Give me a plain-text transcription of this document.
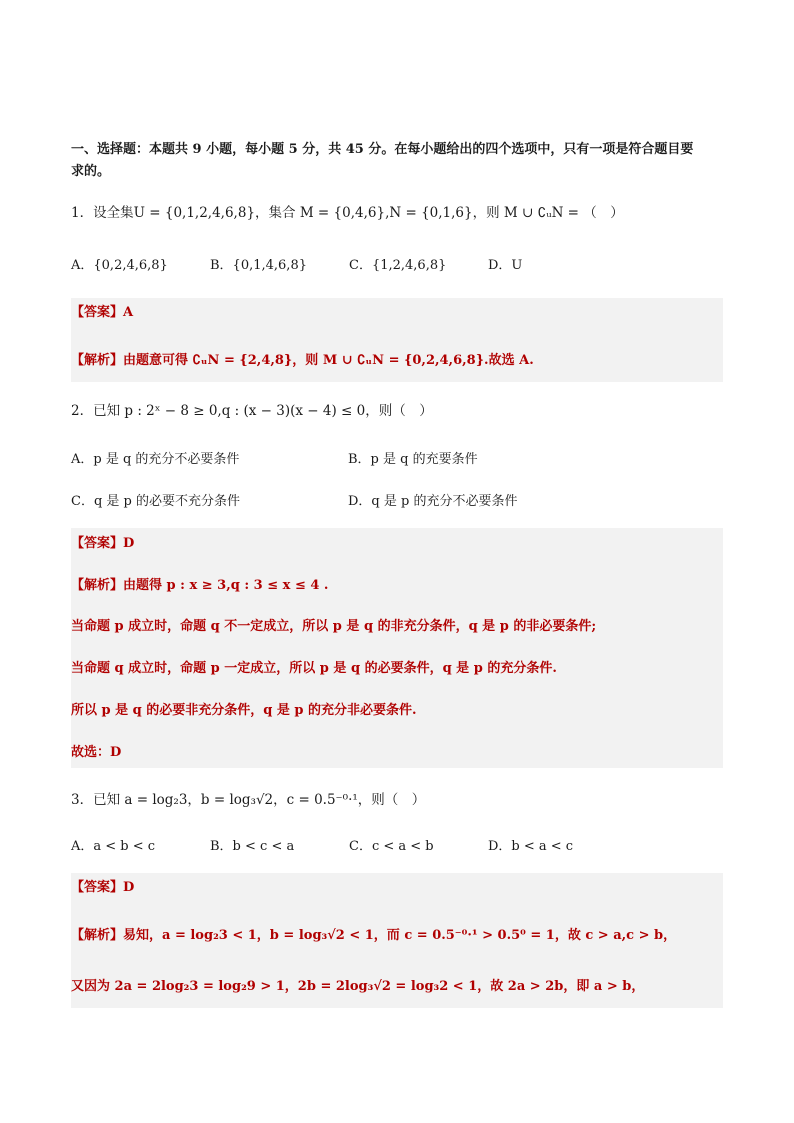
一、选择题：本题共 9 小题，每小题 5 分，共 45 分。在每小题给出的四个选项中，只有一项是符合题目要
求的。
1．设全集U = {0,1,2,4,6,8}，集合 M = {0,4,6},N = {0,1,6}，则 M ∪ ∁ᵤN = （　）
A．{0,2,4,6,8}	B．{0,1,4,6,8}	C．{1,2,4,6,8}	D．U
【答案】A
【解析】由题意可得 ∁ᵤN = {2,4,8}，则 M ∪ ∁ᵤN = {0,2,4,6,8}.故选 A.
2．已知 p : 2ˣ − 8 ≥ 0,q : (x − 3)(x − 4) ≤ 0，则（　）
A．p 是 q 的充分不必要条件	B．p 是 q 的充要条件
C．q 是 p 的必要不充分条件	D．q 是 p 的充分不必要条件
【答案】D
【解析】由题得 p : x ≥ 3,q : 3 ≤ x ≤ 4 .
当命题 p 成立时，命题 q 不一定成立，所以 p 是 q 的非充分条件，q 是 p 的非必要条件;
当命题 q 成立时，命题 p 一定成立，所以 p 是 q 的必要条件，q 是 p 的充分条件.
所以 p 是 q 的必要非充分条件，q 是 p 的充分非必要条件.
故选：D
3．已知 a = log₂3，b = log₃√2，c = 0.5⁻⁰·¹，则（　）
A．a < b < c	B．b < c < a	C．c < a < b	D．b < a < c
【答案】D
【解析】易知，a = log₂3 < 1，b = log₃√2 < 1，而 c = 0.5⁻⁰·¹ > 0.5⁰ = 1，故 c > a,c > b，
又因为 2a = 2log₂3 = log₂9 > 1，2b = 2log₃√2 = log₃2 < 1，故 2a > 2b，即 a > b，
